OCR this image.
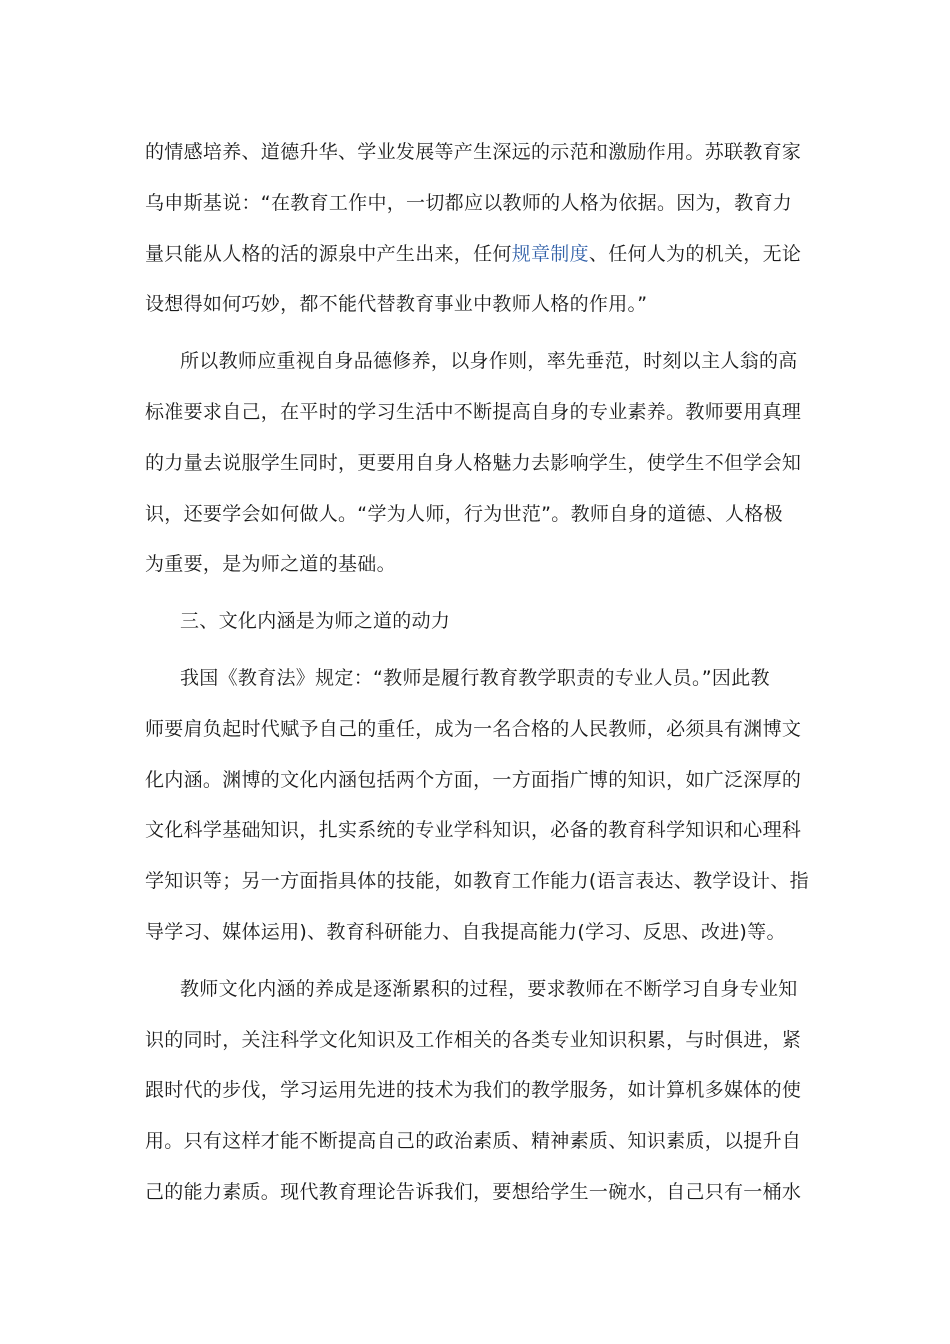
的情感培养、道德升华、学业发展等产生深远的示范和激励作用。苏联教育家
乌申斯基说：“在教育工作中，一切都应以教师的人格为依据。因为，教育力
量只能从人格的活的源泉中产生出来，任何规章制度、任何人为的机关，无论
设想得如何巧妙，都不能代替教育事业中教师人格的作用。”
所以教师应重视自身品德修养，以身作则，率先垂范，时刻以主人翁的高
标准要求自己，在平时的学习生活中不断提高自身的专业素养。教师要用真理
的力量去说服学生同时，更要用自身人格魅力去影响学生，使学生不但学会知
识，还要学会如何做人。“学为人师，行为世范”。教师自身的道德、人格极
为重要，是为师之道的基础。
三、文化内涵是为师之道的动力
我国《教育法》规定：“教师是履行教育教学职责的专业人员。”因此教
师要肩负起时代赋予自己的重任，成为一名合格的人民教师，必须具有渊博文
化内涵。渊博的文化内涵包括两个方面，一方面指广博的知识，如广泛深厚的
文化科学基础知识，扎实系统的专业学科知识，必备的教育科学知识和心理科
学知识等；另一方面指具体的技能，如教育工作能力(语言表达、教学设计、指
导学习、媒体运用)、教育科研能力、自我提高能力(学习、反思、改进)等。
教师文化内涵的养成是逐渐累积的过程，要求教师在不断学习自身专业知
识的同时，关注科学文化知识及工作相关的各类专业知识积累，与时俱进，紧
跟时代的步伐，学习运用先进的技术为我们的教学服务，如计算机多媒体的使
用。只有这样才能不断提高自己的政治素质、精神素质、知识素质，以提升自
己的能力素质。现代教育理论告诉我们，要想给学生一碗水，自己只有一桶水
